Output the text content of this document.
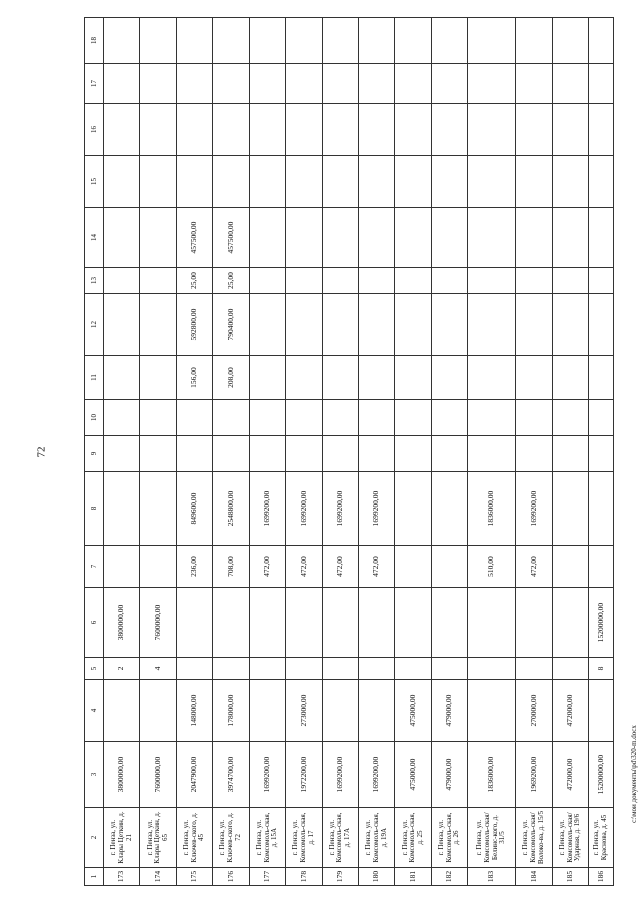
72
1	2	3	4	5	6	7	8	9	10	11	12	13	14	15	16	17	18
173	г. Пенза, ул. Клары Цеткин, д. 21	3800000,00		2	3800000,00												
174	г. Пенза, ул. Клары Цеткин, д. 65	7600000,00		4	7600000,00												
175	г. Пенза, ул. Ключев-ского, д. 45	2047900,00	148000,00			236,00	849600,00			156,00	592800,00	25,00	457500,00				
176	г. Пенза, ул. Ключев-ского, д. 72	3974700,00	178000,00			708,00	2548800,00			208,00	790400,00	25,00	457500,00				
177	г. Пенза, ул. Комсомоль-ская, д. 15А	1699200,00				472,00	1699200,00										
178	г. Пенза, ул. Комсомоль-ская, д. 17	1972200,00	273000,00			472,00	1699200,00										
179	г. Пенза, ул. Комсомоль-ская, д. 17А	1699200,00				472,00	1699200,00										
180	г. Пенза, ул. Комсомоль-ская, д. 19А	1699200,00				472,00	1699200,00										
181	г. Пенза, ул. Комсомоль-ская, д. 25	475000,00	475000,00														
182	г. Пенза, ул. Комсомоль-ская, д. 26	479000,00	479000,00														
183	г. Пенза, ул. Комсомоль-ская/Белинс-кого, д. 31/5	1836000,00				510,00	1836000,00										
184	г. Пенза, ул. Комсомоль-ская/Волоко-ва, д. 15/5	1969200,00	270000,00			472,00	1699200,00										
185	г. Пенза, ул. Комсомоль-ская/Ударная, д. 19/6	472000,00	472000,00														
186	г. Пенза, ул. Краснова, д. 45	15200000,00		8	15200000,00												
c:\мои документы\pd\320-m.docx
